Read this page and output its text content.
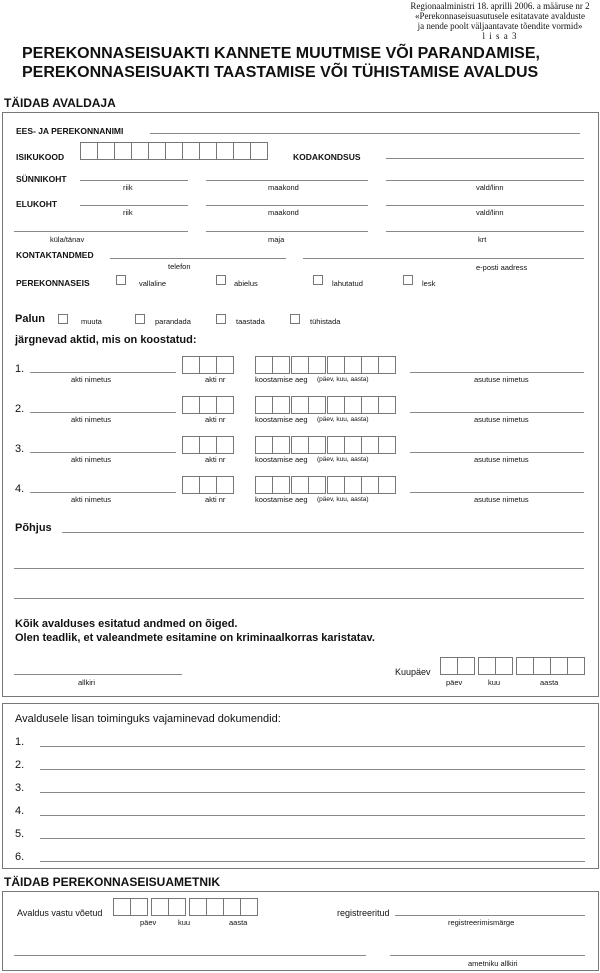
Regionaalministri 18. aprilli 2006. a määruse nr 2
«Perekonnaseisuasutusele esitatavate avalduste
ja nende poolt väljaantavate tõendite vormid»
l i s a 3
PEREKONNASEISUAKTI KANNETE MUUTMISE VÕI PARANDAMISE,
PEREKONNASEISUAKTI TAASTAMISE VÕI TÜHISTAMISE AVALDUS
TÄIDAB AVALDAJA
EES- JA PEREKONNANIMI
ISIKUKOOD	KODAKONDSUS
SÜNNIKOHT
riik	maakond	vald/linn
ELUKOHT
riik	maakond	vald/linn
küla/tänav	maja	krt
KONTAKTANDMED
telefon	e-posti aadress
PEREKONNASEIS	vallaline	abielus	lahutatud	lesk
Palun	muuta	parandada	taastada	tühistada
järgnevad aktid, mis on koostatud:
1.
akti nimetus	akti nr	koostamise aeg (päev, kuu, aasta)	asutuse nimetus
2.
akti nimetus	akti nr	koostamise aeg (päev, kuu, aasta)	asutuse nimetus
3.
akti nimetus	akti nr	koostamise aeg (päev, kuu, aasta)	asutuse nimetus
4.
akti nimetus	akti nr	koostamise aeg (päev, kuu, aasta)	asutuse nimetus
Põhjus
Kõik avalduses esitatud andmed on õiged.
Olen teadlik, et valeandmete esitamine on kriminaalkorras karistatav.
allkiri
Kuupäev
päev	kuu	aasta
Avaldusele lisan toiminguks vajaminevad dokumendid:
1.
2.
3.
4.
5.
6.
TÄIDAB PEREKONNASEISUAMETNIK
Avaldus vastu võetud
päev	kuu	aasta
registreeritud
registreerimismärge
ametniku allkiri
